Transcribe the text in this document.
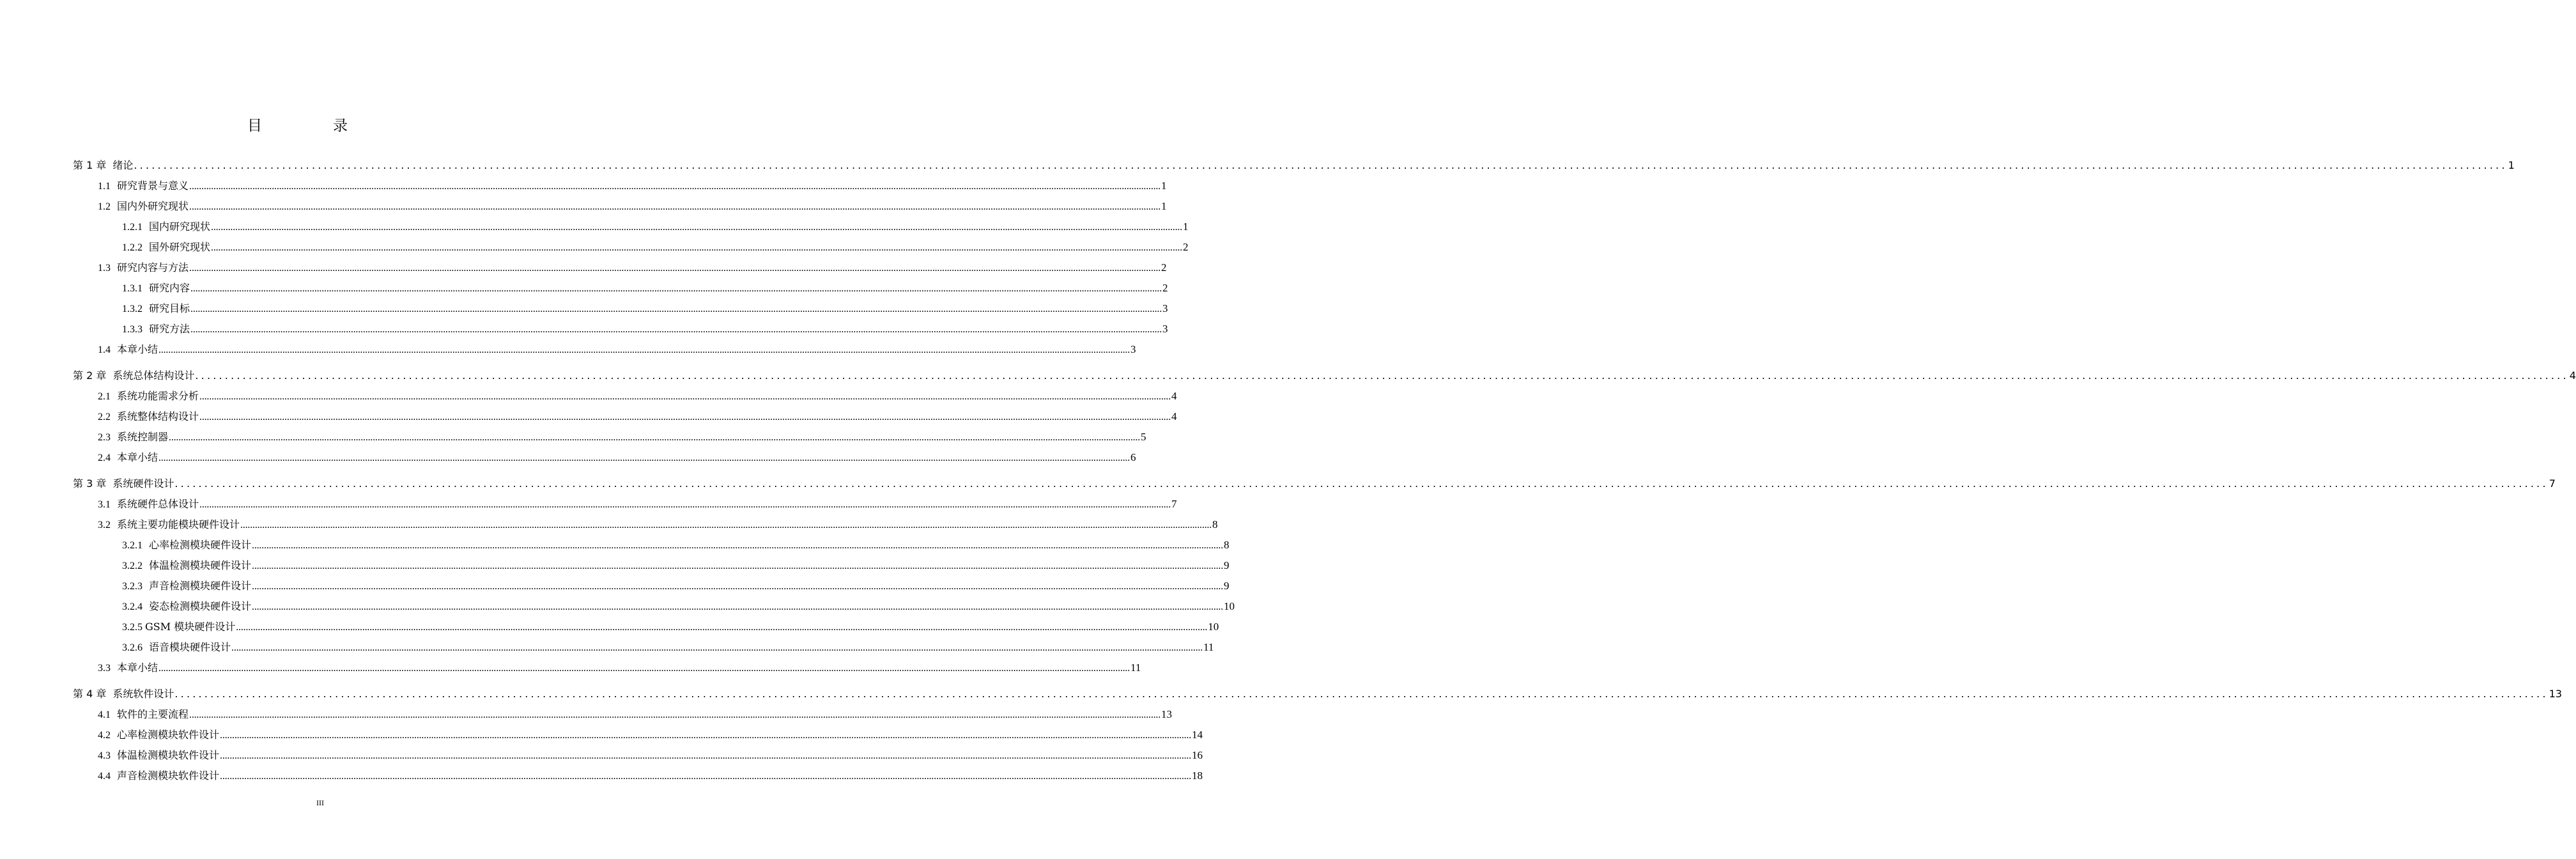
目　录
第 1 章 绪论 ................................................................................................................................................................................................................................................................................................................................................................................................................ 1
1.1 研究背景与意义 ................................................................................................................................................................................................................................................................................................................................................................................................................ 1
1.2 国内外研究现状 ................................................................................................................................................................................................................................................................................................................................................................................................................ 1
1.2.1 国内研究现状 ................................................................................................................................................................................................................................................................................................................................................................................................................ 1
1.2.2 国外研究现状 ................................................................................................................................................................................................................................................................................................................................................................................................................ 2
1.3 研究内容与方法 ................................................................................................................................................................................................................................................................................................................................................................................................................ 2
1.3.1 研究内容 ................................................................................................................................................................................................................................................................................................................................................................................................................ 2
1.3.2 研究目标 ................................................................................................................................................................................................................................................................................................................................................................................................................ 3
1.3.3 研究方法 ................................................................................................................................................................................................................................................................................................................................................................................................................ 3
1.4 本章小结 ................................................................................................................................................................................................................................................................................................................................................................................................................ 3
第 2 章 系统总体结构设计 ................................................................................................................................................................................................................................................................................................................................................................................................................ 4
2.1 系统功能需求分析 ................................................................................................................................................................................................................................................................................................................................................................................................................ 4
2.2 系统整体结构设计 ................................................................................................................................................................................................................................................................................................................................................................................................................ 4
2.3 系统控制器 ................................................................................................................................................................................................................................................................................................................................................................................................................ 5
2.4 本章小结 ................................................................................................................................................................................................................................................................................................................................................................................................................ 6
第 3 章 系统硬件设计 ................................................................................................................................................................................................................................................................................................................................................................................................................ 7
3.1 系统硬件总体设计 ................................................................................................................................................................................................................................................................................................................................................................................................................ 7
3.2 系统主要功能模块硬件设计 ................................................................................................................................................................................................................................................................................................................................................................................................................ 8
3.2.1 心率检测模块硬件设计 ................................................................................................................................................................................................................................................................................................................................................................................................................ 8
3.2.2 体温检测模块硬件设计 ................................................................................................................................................................................................................................................................................................................................................................................................................ 9
3.2.3 声音检测模块硬件设计 ................................................................................................................................................................................................................................................................................................................................................................................................................ 9
3.2.4 姿态检测模块硬件设计 ................................................................................................................................................................................................................................................................................................................................................................................................................ 10
3.2.5 GSM 模块硬件设计 ................................................................................................................................................................................................................................................................................................................................................................................................................ 10
3.2.6 语音模块硬件设计 ................................................................................................................................................................................................................................................................................................................................................................................................................ 11
3.3 本章小结 ................................................................................................................................................................................................................................................................................................................................................................................................................ 11
第 4 章 系统软件设计 ................................................................................................................................................................................................................................................................................................................................................................................................................ 13
4.1 软件的主要流程 ................................................................................................................................................................................................................................................................................................................................................................................................................ 13
4.2 心率检测模块软件设计 ................................................................................................................................................................................................................................................................................................................................................................................................................ 14
4.3 体温检测模块软件设计 ................................................................................................................................................................................................................................................................................................................................................................................................................ 16
4.4 声音检测模块软件设计 ................................................................................................................................................................................................................................................................................................................................................................................................................ 18
III
